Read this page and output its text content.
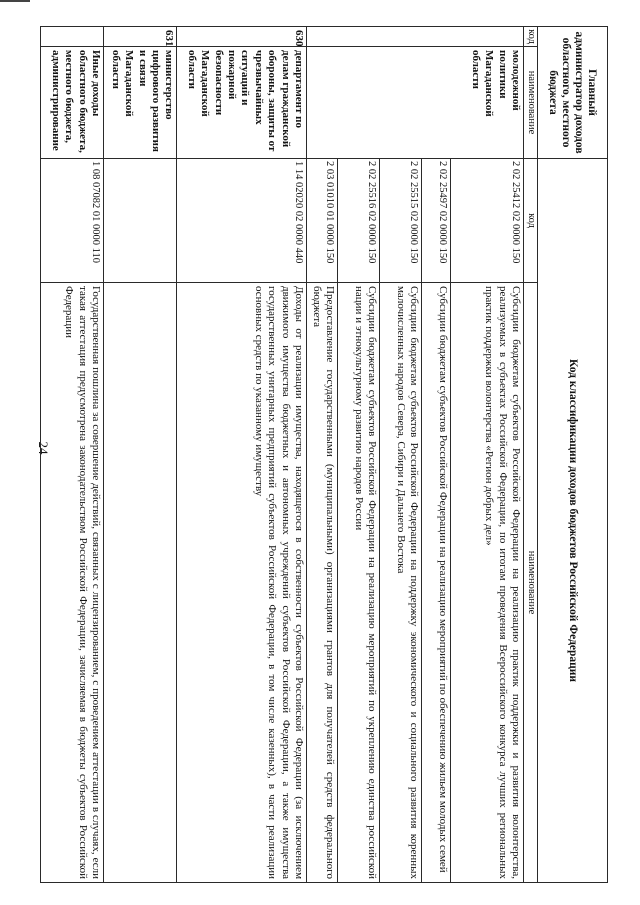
24
Главный администратор доходов областного, местного бюджета		Код классификации доходов бюджетов Российской Федерации	
код	наименование	код	наименование
	молодежной политики Магаданской области	2 02 25412 02 0000 150	Субсидии бюджетам субъектов Российской Федерации на реализацию практик поддержки и развития волонтерства, реализуемых в субъектах Российской Федерации, по итогам проведения Всероссийского конкурса лучших региональных практик поддержки волонтерства «Регион добрых дел»
		2 02 25497 02 0000 150	Субсидии бюджетам субъектов Российской Федерации на реализацию мероприятий по обеспечению жильем молодых семей
		2 02 25515 02 0000 150	Субсидии бюджетам субъектов Российской Федерации на поддержку экономического и социального развития коренных малочисленных народов Севера, Сибири и Дальнего Востока
		2 02 25516 02 0000 150	Субсидии бюджетам субъектов Российской Федерации на реализацию мероприятий по укреплению единства российской нации и этнокультурному развитию народов России
		2 03 01010 01 0000 150	Предоставление государственными (муниципальными) организациями грантов для получателей средств федерального бюджета
630	департамент по делам гражданской обороны, защиты от чрезвычайных ситуаций и пожарной безопасности Магаданской области	1 14 02020 02 0000 440	Доходы от реализации имущества, находящегося в собственности субъектов Российской Федерации (за исключением движимого имущества бюджетных и автономных учреждений субъектов Российской Федерации, а также имущества государственных унитарных предприятий субъектов Российской Федерации, в том числе казенных), в части реализации основных средств по указанному имуществу
631	министерство цифрового развития и связи Магаданской области		
	Иные доходы областного бюджета, местного бюджета, администрирование	1 08 07082 01 0000 110	Государственная пошлина за совершение действий, связанных с лицензированием, с проведением аттестации в случаях, если такая аттестация предусмотрена законодательством Российской Федерации, зачисляемая в бюджеты субъектов Российской Федерации
